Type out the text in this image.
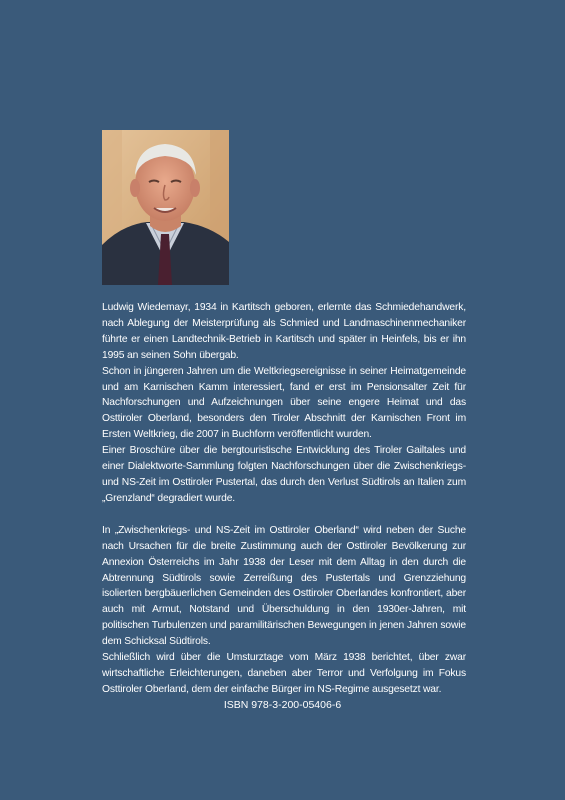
Ludwig Wiedemayr, 1934 in Kartitsch geboren, erlernte das Schmiedehandwerk, nach Ablegung der Meisterprüfung als Schmied und Landmaschinenmechaniker führte er einen Landtechnik-Betrieb in Kartitsch und später in Heinfels, bis er ihn 1995 an seinen Sohn übergab.

Schon in jüngeren Jahren um die Weltkriegsereignisse in seiner Heimatgemeinde und am Karnischen Kamm interessiert, fand er erst im Pensionsalter Zeit für Nachforschungen und Aufzeichnungen über seine engere Heimat und das Osttiroler Oberland, besonders den Tiroler Abschnitt der Karnischen Front im Ersten Weltkrieg, die 2007 in Buchform veröffentlicht wurden.

Einer Broschüre über die bergtouristische Entwicklung des Tiroler Gailtales und einer Dialektworte-Sammlung folgten Nachforschungen über die Zwischenkriegs- und NS-Zeit im Osttiroler Pustertal, das durch den Verlust Südtirols an Italien zum „Grenzland“ degradiert wurde.

In „Zwischenkriegs- und NS-Zeit im Osttiroler Oberland“ wird neben der Suche nach Ursachen für die breite Zustimmung auch der Osttiroler Bevölkerung zur Annexion Österreichs im Jahr 1938 der Leser mit dem Alltag in den durch die Abtrennung Südtirols sowie Zerreißung des Pustertals und Grenzziehung isolierten bergbäuerlichen Gemeinden des Osttiroler Oberlandes konfrontiert, aber auch mit Armut, Notstand und Überschuldung in den 1930er-Jahren, mit politischen Turbulenzen und paramilitärischen Bewegungen in jenen Jahren sowie dem Schicksal Südtirols.

Schließlich wird über die Umsturztage vom März 1938 berichtet, über zwar wirtschaftliche Erleichterungen, daneben aber Terror und Verfolgung im Fokus Osttiroler Oberland, dem der einfache Bürger im NS-Regime ausgesetzt war.

ISBN 978-3-200-05406-6
